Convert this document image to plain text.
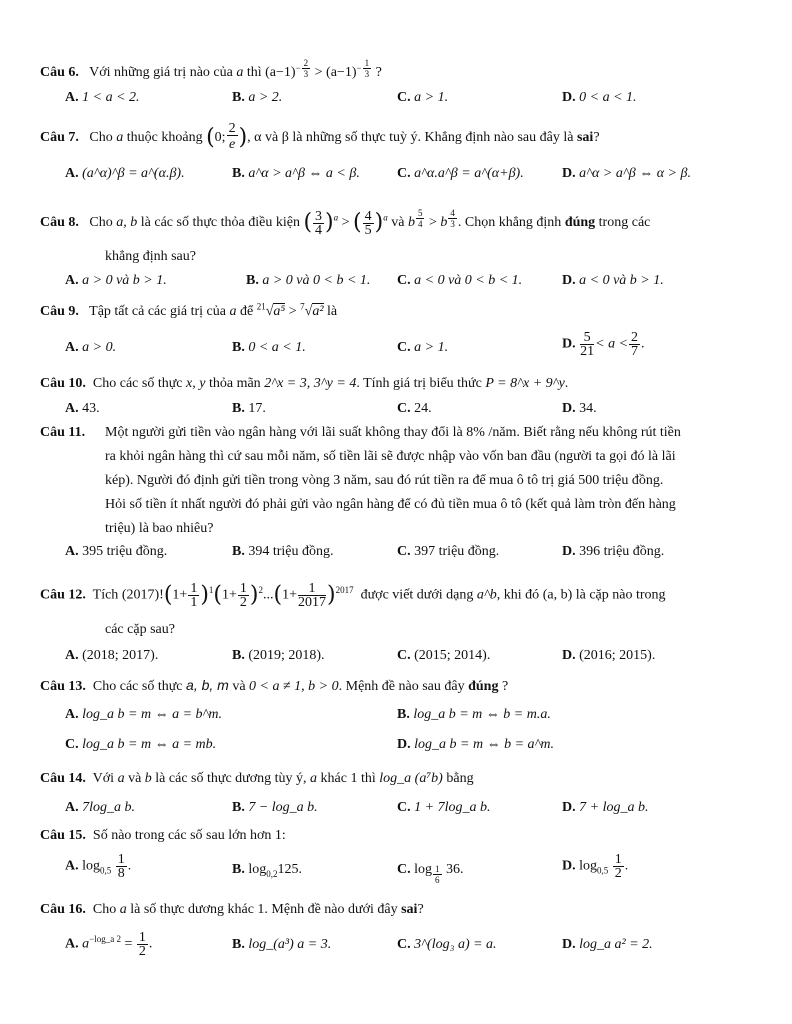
Câu 6. Với những giá trị nào của a thì $(a-1)^{- \frac{2}{3}} > (a-1)^{- \frac{1}{3}}$ ?
A. 1 < a < 2.	B. a > 2.	C. a > 1.	D. 0 < a < 1.
Câu 7. Cho a thuộc khoảng (0; $\frac{2}{e}$), α và β là những số thực tuỳ ý. Khẳng định nào sau đây là sai?
A. (a^α)^β = a^(α.β).	B. a^α > a^β ⇔ a < β.	C. a^α.a^β = a^(α+β).	D. a^α > a^β ⇔ α > β.
Câu 8. Cho a, b là các số thực thỏa điều kiện ( $\frac{3}{4} )^a$ > ( $\frac{4}{5} )^a$ và b $^{\frac{5}{4}}$ > b $^{\frac{4}{3}}$ . Chọn khẳng định đúng trong các
khẳng định sau?
A. a > 0 và b > 1.	B. a > 0 và 0 < b < 1. C. a < 0 và 0 < b < 1.	D. a < 0 và b > 1.
Câu 9. Tập tất cả các giá trị của a để $^{21}$√a⁵ > $^7$√a² là
A. a > 0.	B. 0 < a < 1.	C. a > 1.	D. $\frac{5}{21} < a < \frac{2}{7}$ .
Câu 10. Cho các số thực x, y thỏa mãn 2^x = 3, 3^y = 4. Tính giá trị biểu thức P = 8^x + 9^y.
A. 43.	B. 17.	C. 24.	D. 34.
Câu 11. Một người gửi tiền vào ngân hàng với lãi suất không thay đổi là 8% /năm. Biết rằng nếu không rút tiền
ra khỏi ngân hàng thì cứ sau mỗi năm, số tiền lãi sẽ được nhập vào vốn ban đầu (người ta gọi đó là lãi
kép). Người đó định gửi tiền trong vòng 3 năm, sau đó rút tiền ra để mua ô tô trị giá 500 triệu đồng.
Hỏi số tiền ít nhất người đó phải gửi vào ngân hàng để có đủ tiền mua ô tô (kết quả làm tròn đến hàng
triệu) là bao nhiêu?
A. 395 triệu đồng.	B. 394 triệu đồng.	C. 397 triệu đồng.	D. 396 triệu đồng.
Câu 12. Tích $(2017)!(1+ \frac{1}{1} )^1(1+ \frac{1}{2} )^2...(1+ \frac{1}{2017} )^{2017}$ được viết dưới dạng a^b, khi đó (a, b) là cặp nào trong
các cặp sau?
A. (2018; 2017).	B. (2019; 2018).	C. (2015; 2014).	D. (2016; 2015).
Câu 13. Cho các số thực a, b, m và 0 < a ≠ 1, b > 0. Mệnh đề nào sau đây đúng ?
A. log_a b = m ⇔ a = b^m.	B. log_a b = m ⇔ b = m.a.
C. log_a b = m ⇔ a = mb.	D. log_a b = m ⇔ b = a^m.
Câu 14. Với a và b là các số thực dương tùy ý, a khác 1 thì log_a (a⁷b) bằng
A. 7log_a b.	B. 7 − log_a b.	C. 1 + 7log_a b.	D. 7 + log_a b.
Câu 15. Số nào trong các số sau lớn hơn 1:
A. $\log_{0,5} \frac{1}{8}$ .	B. $\log_{0,2}125$.	C. log $_{\frac{1}{6}}$ 36.	D. $\log_{0,5} \frac{1}{2}$ .
Câu 16. Cho a là số thực dương khác 1. Mệnh đề nào dưới đây sai?
A. $a^{-log\_a 2} = \frac{1}{2}$ .	B. log_(a³) a = 3.	C. 3^(log₃ a) = a.	D. log_a a² = 2.
